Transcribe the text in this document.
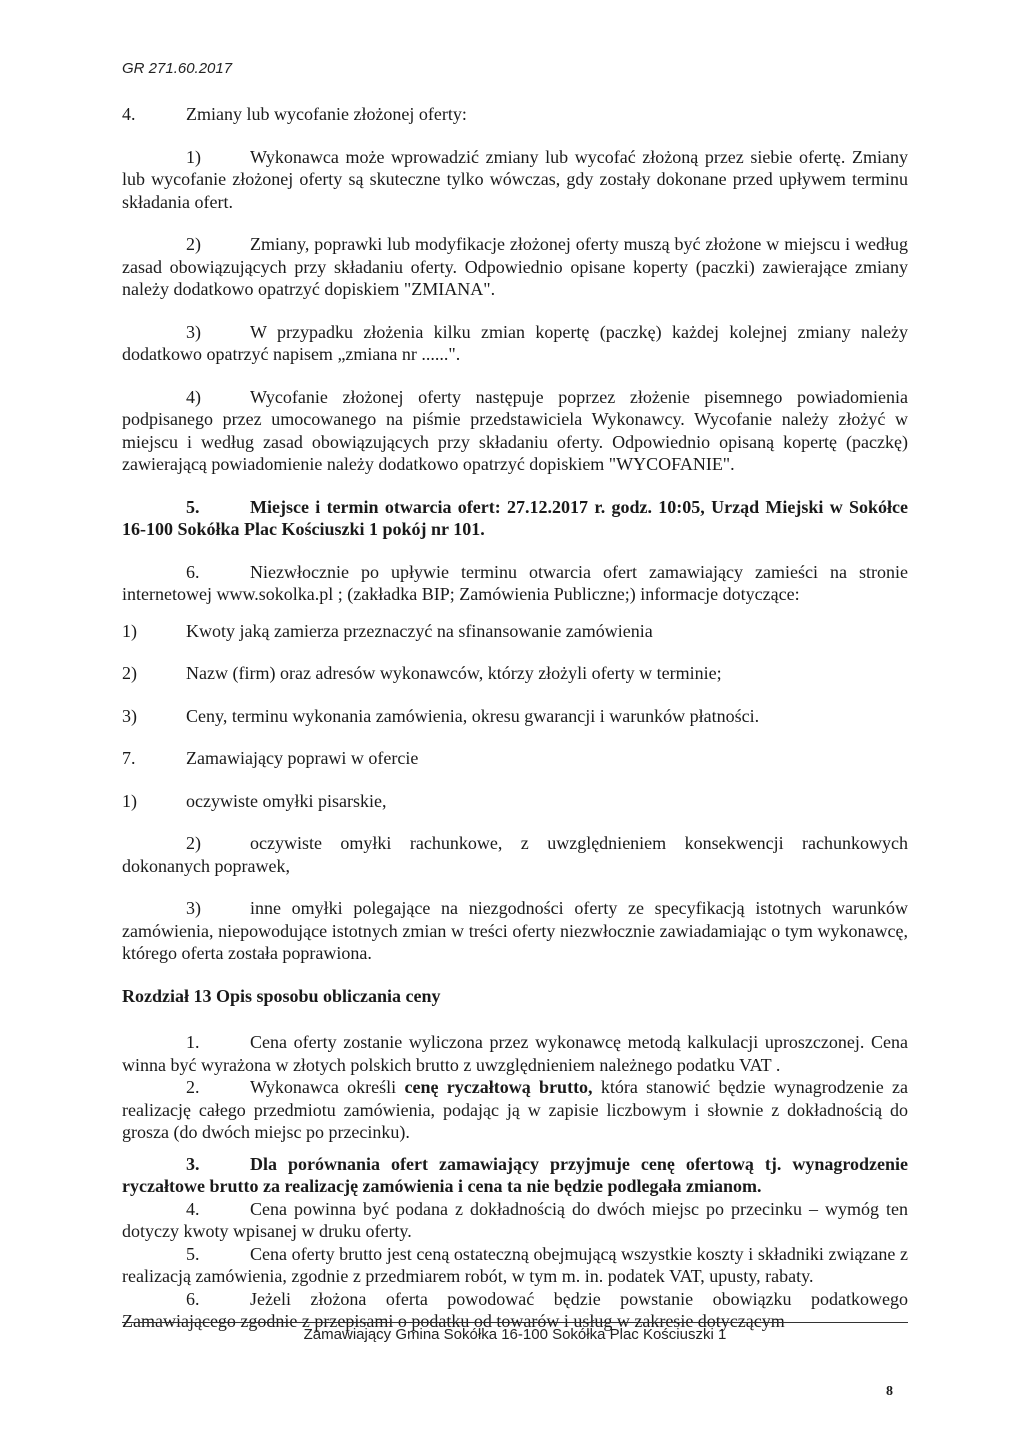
GR 271.60.2017

4.	Zmiany lub wycofanie złożonej oferty:

1)	Wykonawca może wprowadzić zmiany lub wycofać złożoną przez siebie ofertę. Zmiany lub wycofanie złożonej oferty są skuteczne tylko wówczas, gdy zostały dokonane przed upływem terminu składania ofert.

2)	Zmiany, poprawki lub modyfikacje złożonej oferty muszą być złożone w miejscu i według zasad obowiązujących przy składaniu oferty. Odpowiednio opisane koperty (paczki) zawierające zmiany należy dodatkowo opatrzyć dopiskiem "ZMIANA".

3)	W przypadku złożenia kilku zmian kopertę (paczkę) każdej kolejnej zmiany należy dodatkowo opatrzyć napisem „zmiana nr ......".

4)	Wycofanie złożonej oferty następuje poprzez złożenie pisemnego powiadomienia podpisanego przez umocowanego na piśmie przedstawiciela Wykonawcy. Wycofanie należy złożyć w miejscu i według zasad obowiązujących przy składaniu oferty. Odpowiednio opisaną kopertę (paczkę) zawierającą powiadomienie należy dodatkowo opatrzyć dopiskiem "WYCOFANIE".

5.	Miejsce i termin otwarcia ofert: 27.12.2017 r. godz. 10:05, Urząd Miejski w Sokółce 16-100 Sokółka Plac Kościuszki 1 pokój nr 101.

6.	Niezwłocznie po upływie terminu otwarcia ofert zamawiający zamieści na stronie internetowej www.sokolka.pl ; (zakładka BIP; Zamówienia Publiczne;) informacje dotyczące:

1)	Kwoty jaką zamierza przeznaczyć na sfinansowanie zamówienia

2)	Nazw (firm) oraz adresów wykonawców, którzy złożyli oferty w terminie;

3)	Ceny, terminu wykonania zamówienia, okresu gwarancji i warunków płatności.

7.	Zamawiający poprawi w ofercie

1)	oczywiste omyłki pisarskie,

2)	oczywiste omyłki rachunkowe, z uwzględnieniem konsekwencji rachunkowych dokonanych poprawek,

3)	inne omyłki polegające na niezgodności oferty ze specyfikacją istotnych warunków zamówienia, niepowodujące istotnych zmian w treści oferty niezwłocznie zawiadamiając o tym wykonawcę, którego oferta została poprawiona.

Rozdział 13 Opis sposobu obliczania ceny

1.	Cena oferty zostanie wyliczona przez wykonawcę metodą kalkulacji uproszczonej. Cena winna być wyrażona w złotych polskich brutto z uwzględnieniem należnego podatku VAT .

2.	Wykonawca określi cenę ryczałtową brutto, która stanowić będzie wynagrodzenie za realizację całego przedmiotu zamówienia, podając ją w zapisie liczbowym i słownie z dokładnością do grosza (do dwóch miejsc po przecinku).

3.	Dla porównania ofert zamawiający przyjmuje cenę ofertową tj. wynagrodzenie ryczałtowe brutto za realizację zamówienia i cena ta nie będzie podlegała zmianom.

4.	Cena powinna być podana z dokładnością do dwóch miejsc po przecinku – wymóg ten dotyczy kwoty wpisanej w druku oferty.

5.	Cena oferty brutto jest ceną ostateczną obejmującą wszystkie koszty i składniki związane z realizacją zamówienia, zgodnie z przedmiarem robót, w tym m. in. podatek VAT, upusty, rabaty.

6.	Jeżeli złożona oferta powodować będzie powstanie obowiązku podatkowego Zamawiającego zgodnie z przepisami o podatku od towarów i usług w zakresie dotyczącym

Zamawiający Gmina Sokółka 16-100 Sokółka Plac Kościuszki 1
8
